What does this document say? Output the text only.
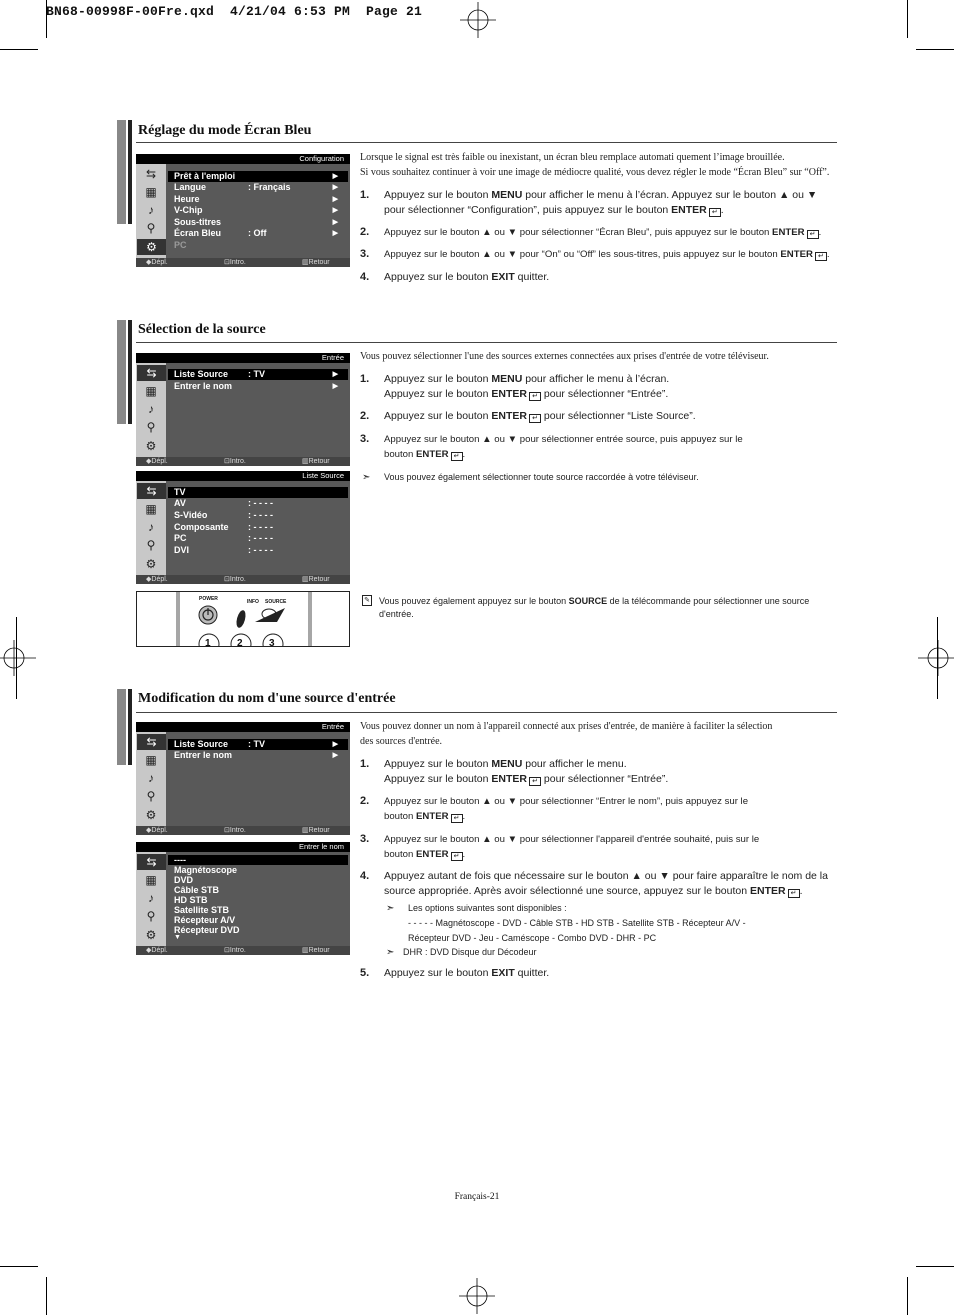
BN68-00998F-00Fre.qxd  4/21/04 6:53 PM  Page 21
Réglage du mode Écran Bleu
Configuration
⇆
▦
♪
⚲
⚙
Prêt à l'emploi	▶
Langue	: Français	▶
Heure	▶
V-Chip	▶
Sous-titres	▶
Écran Bleu	: Off	▶
PC
◆ Dépl.	⊡ Intro.	▥ Retour
Lorsque le signal est très faible ou inexistant, un écran bleu remplace automati quement l’image brouillée.
Si vous souhaitez continuer à voir une image de médiocre qualité, vous devez régler le mode “Écran Bleu” sur “Off”.
1. Appuyez sur le bouton MENU pour afficher le menu à l’écran. Appuyez sur le bouton ▲ ou ▼
pour sélectionner “Configuration”, puis appuyez sur le bouton ENTER ↵ .
2. Appuyez sur le bouton ▲ ou ▼ pour sélectionner “Écran Bleu”, puis appuyez sur le bouton ENTER ↵ .
3. Appuyez sur le bouton ▲ ou ▼ pour “On” ou “Off” les sous-titres, puis appuyez sur le bouton ENTER ↵ .
4. Appuyez sur le bouton EXIT quitter.
Sélection de la source
Entrée
⇆
▦
♪
⚲
⚙
Liste Source : TV	▶
Entrer le nom	▶
◆ Dépl.	⊡ Intro.	▥ Retour
Liste Source
⇆
▦
♪
⚲
⚙
TV
AV	: - - - -
S-Vidéo	: - - - -
Composante : - - - -
PC	: - - - -
DVI	: - - - -
◆ Dépl.	⊡ Intro.	▥ Retour
POWER	INFO SOURCE
1	2	3
Vous pouvez sélectionner l'une des sources externes connectées aux prises d'entrée de votre téléviseur.
1. Appuyez sur le bouton MENU pour afficher le menu à l’écran.
Appuyez sur le bouton ENTER ↵ pour sélectionner “Entrée”.
2. Appuyez sur le bouton ENTER ↵ pour sélectionner “Liste Source”.
3. Appuyez sur le bouton ▲ ou ▼ pour sélectionner entrée source, puis appuyez sur le
bouton ENTER ↵ .
➣ Vous pouvez également sélectionner toute source raccordée à votre téléviseur.
✎ Vous pouvez également appuyez sur le bouton SOURCE de la télécommande pour sélectionner une source
d'entrée.
Modification du nom d'une source d'entrée
Entrée
⇆
▦
♪
⚲
⚙
Liste Source : TV	▶
Entrer le nom	▶
◆ Dépl.	⊡ Intro.	▥ Retour
Entrer le nom
⇆
▦
♪
⚲
⚙
----
Magnétoscope
DVD
Câble STB
HD STB
Satellite STB
Récepteur A/V
Récepteur DVD
▼
◆ Dépl.	⊡ Intro.	▥ Retour
Vous pouvez donner un nom à l'appareil connecté aux prises d'entrée, de manière à faciliter la sélection
des sources d'entrée.
1. Appuyez sur le bouton MENU pour afficher le menu.
Appuyez sur le bouton ENTER ↵ pour sélectionner “Entrée”.
2. Appuyez sur le bouton ▲ ou ▼ pour sélectionner “Entrer le nom”, puis appuyez sur le
bouton ENTER ↵ .
3. Appuyez sur le bouton ▲ ou ▼ pour sélectionner l'appareil d'entrée souhaité, puis sur le
bouton ENTER ↵ .
4. Appuyez autant de fois que nécessaire sur le bouton ▲ ou ▼ pour faire apparaître le nom de la
source appropriée. Après avoir sélectionné une source, appuyez sur le bouton ENTER ↵ .
➣ Les options suivantes sont disponibles :
- - - - - Magnétoscope - DVD - Câble STB - HD STB - Satellite STB - Récepteur A/V -
Récepteur DVD - Jeu - Caméscope - Combo DVD - DHR - PC
➣ DHR : DVD Disque dur Décodeur
5. Appuyez sur le bouton EXIT quitter.
Français-21
